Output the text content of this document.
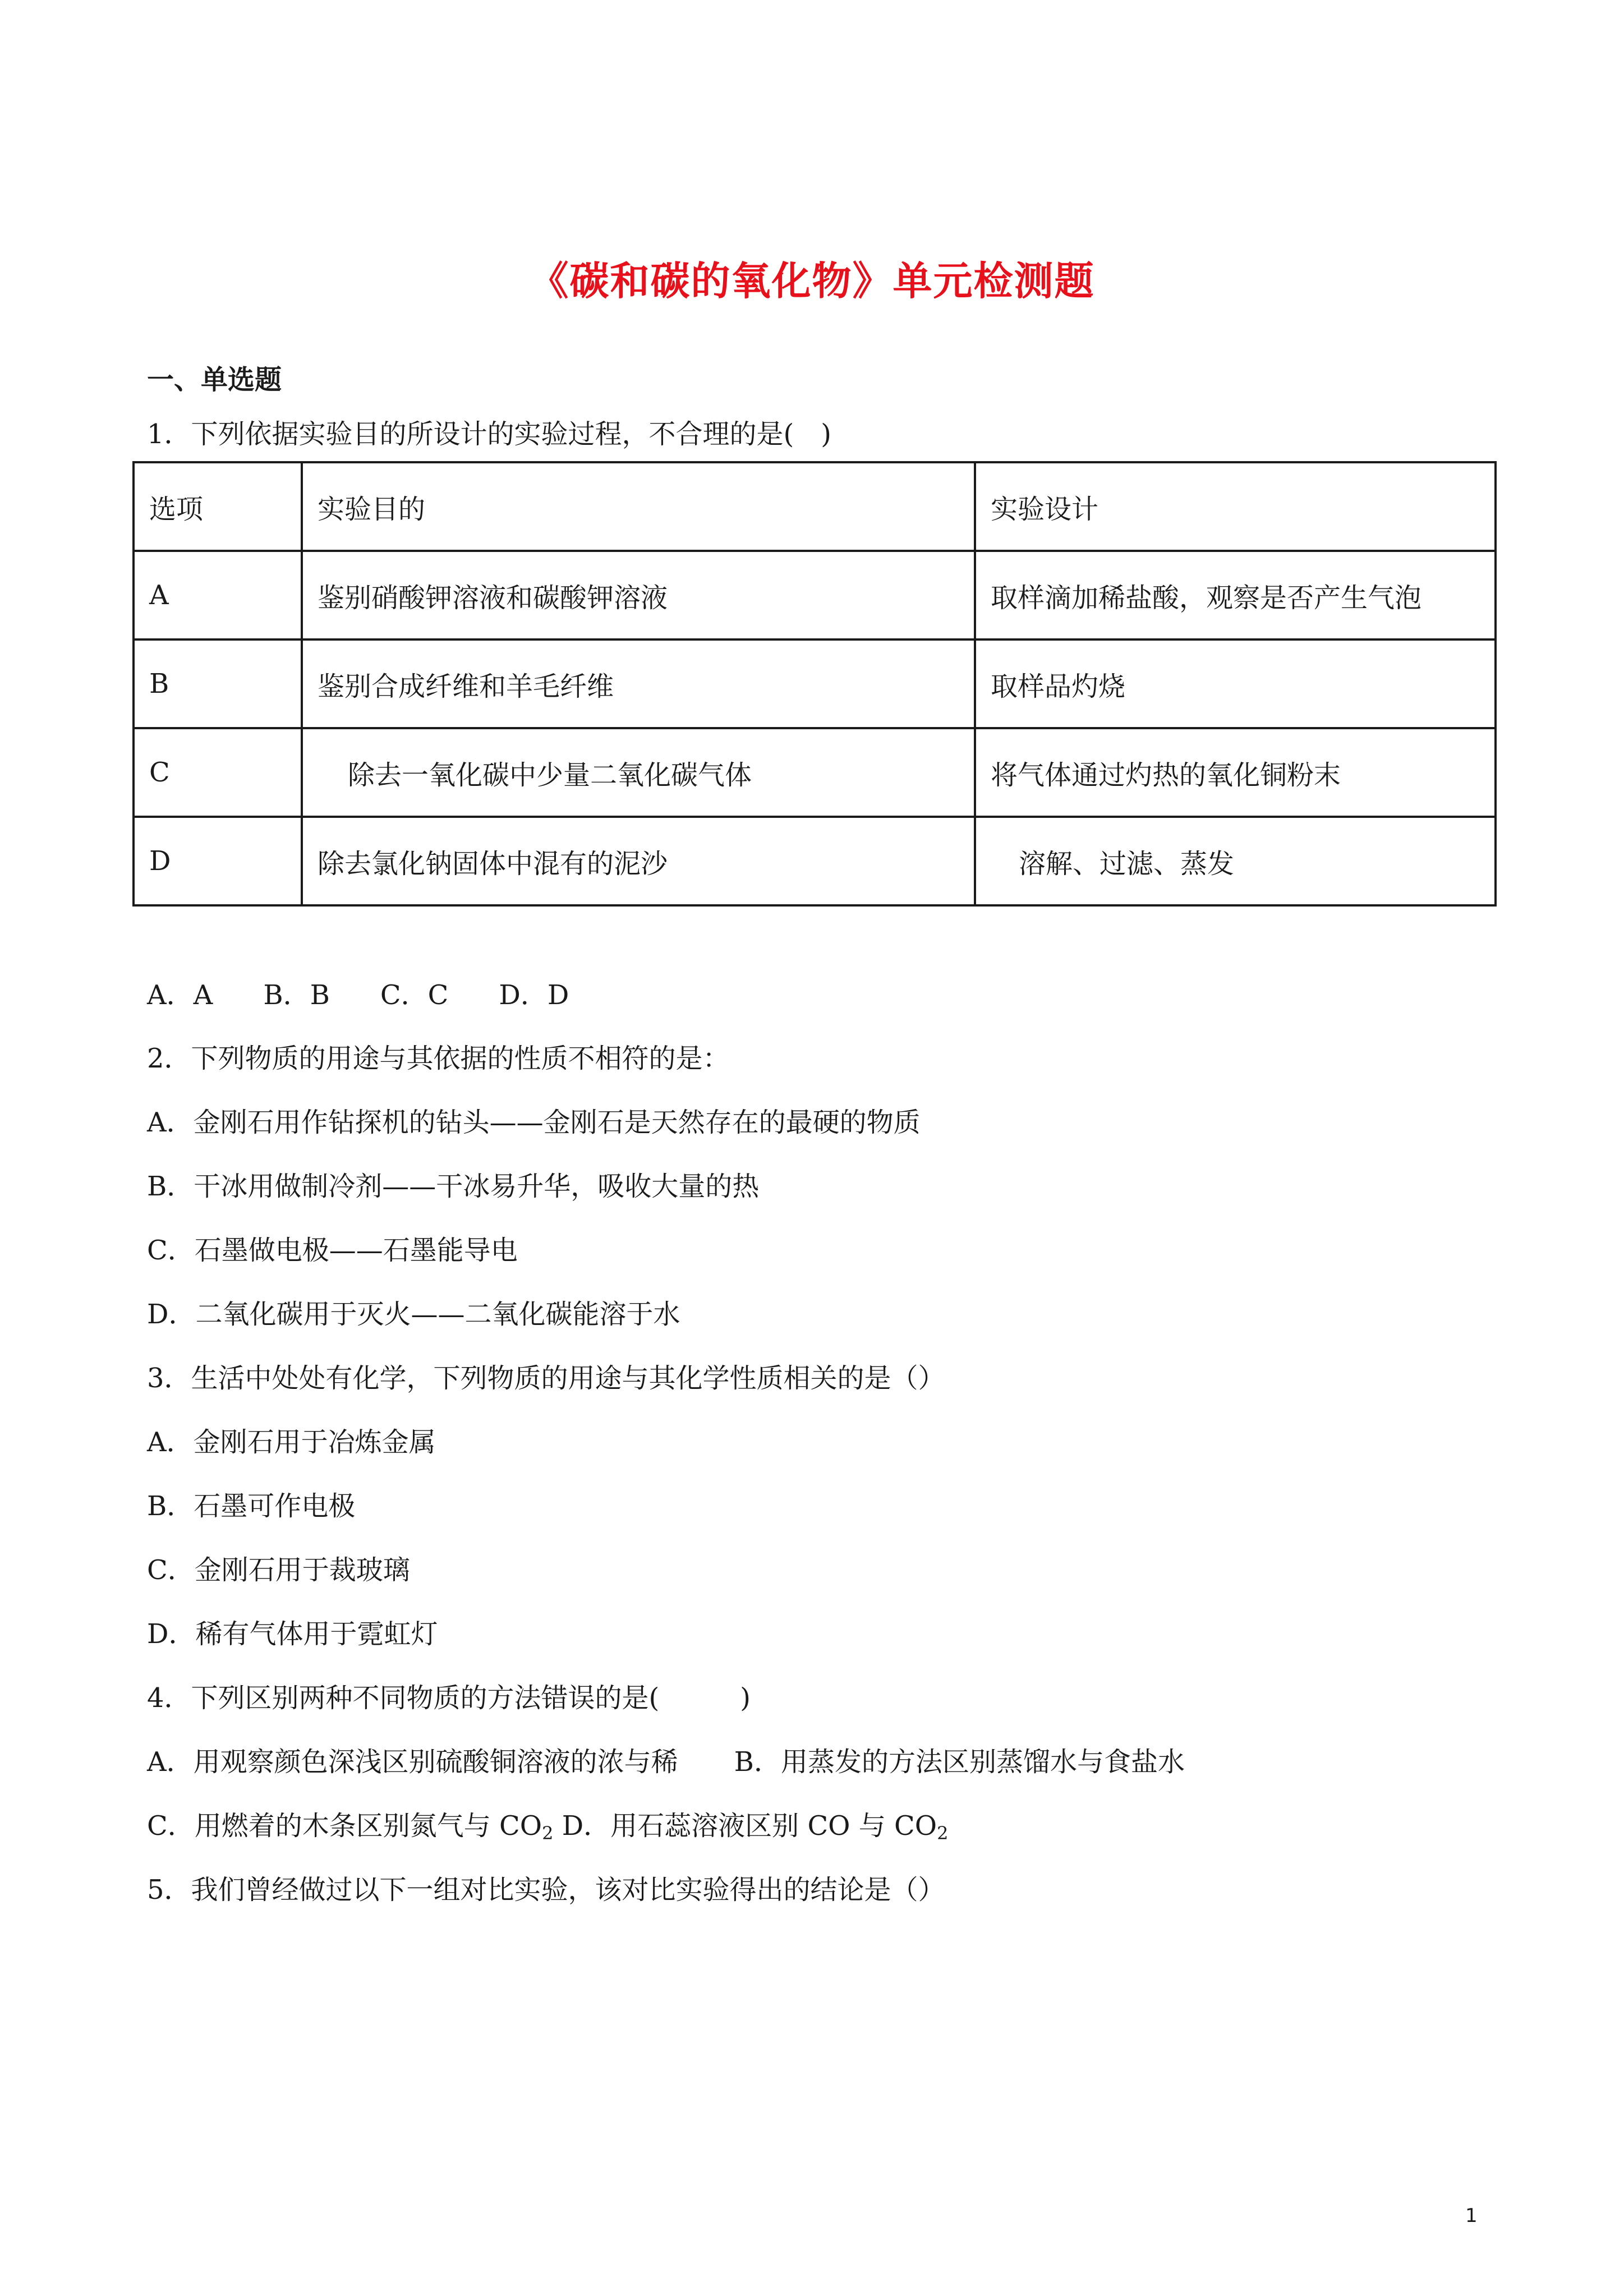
《碳和碳的氧化物》单元检测题
一、单选题
1．下列依据实验目的所设计的实验过程，不合理的是(　)
选项	实验目的	实验设计
A	鉴别硝酸钾溶液和碳酸钾溶液	取样滴加稀盐酸，观察是否产生气泡
B	鉴别合成纤维和羊毛纤维	取样品灼烧
C	除去一氧化碳中少量二氧化碳气体	将气体通过灼热的氧化铜粉末
D	除去氯化钠固体中混有的泥沙	溶解、过滤、蒸发
A．A B．B C．C D．D
2．下列物质的用途与其依据的性质不相符的是：
A．金刚石用作钻探机的钻头——金刚石是天然存在的最硬的物质
B．干冰用做制冷剂——干冰易升华，吸收大量的热
C．石墨做电极——石墨能导电
D．二氧化碳用于灭火——二氧化碳能溶于水
3．生活中处处有化学，下列物质的用途与其化学性质相关的是（）
A．金刚石用于冶炼金属
B．石墨可作电极
C．金刚石用于裁玻璃
D．稀有气体用于霓虹灯
4．下列区别两种不同物质的方法错误的是(　　　)
A．用观察颜色深浅区别硫酸铜溶液的浓与稀 B．用蒸发的方法区别蒸馏水与食盐水
C．用燃着的木条区别氮气与 $CO_2$ D．用石蕊溶液区别 CO 与 $CO_2$
5．我们曾经做过以下一组对比实验，该对比实验得出的结论是（）
1
